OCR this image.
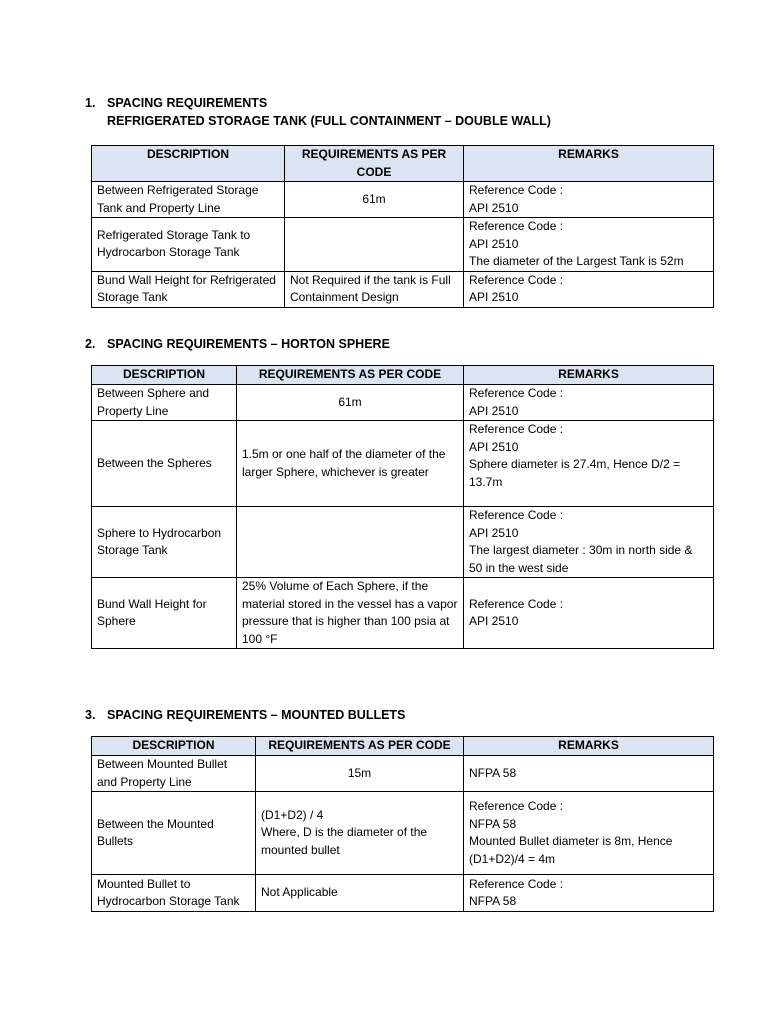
1. SPACING REQUIREMENTS
REFRIGERATED STORAGE TANK (FULL CONTAINMENT – DOUBLE WALL)
DESCRIPTION	REQUIREMENTS AS PER CODE	REMARKS
Between Refrigerated Storage Tank and Property Line	61m	Reference Code :
API 2510

Refrigerated Storage Tank to Hydrocarbon Storage Tank		Reference Code :
API 2510
The diameter of the Largest Tank is 52m

Bund Wall Height for Refrigerated Storage Tank	Not Required if the tank is Full Containment Design	Reference Code :
API 2510
2. SPACING REQUIREMENTS – HORTON SPHERE
DESCRIPTION	REQUIREMENTS AS PER CODE	REMARKS
Between Sphere and Property Line	61m	Reference Code :
API 2510

Between the Spheres	1.5m or one half of the diameter of the larger Sphere, whichever is greater	Reference Code :
API 2510
Sphere diameter is 27.4m, Hence D/2 = 13.7m

Sphere to Hydrocarbon Storage Tank		Reference Code :
API 2510
The largest diameter : 30m in north side & 50 in the west side

Bund Wall Height for Sphere	25% Volume of Each Sphere, if the material stored in the vessel has a vapor pressure that is higher than 100 psia at 100 °F	Reference Code :
API 2510
3. SPACING REQUIREMENTS – MOUNTED BULLETS
DESCRIPTION	REQUIREMENTS AS PER CODE	REMARKS
Between Mounted Bullet and Property Line	15m	NFPA 58

Between the Mounted Bullets	(D1+D2) / 4
Where, D is the diameter of the mounted bullet	Reference Code :
NFPA 58
Mounted Bullet diameter is 8m, Hence (D1+D2)/4 = 4m

Mounted Bullet to Hydrocarbon Storage Tank	Not Applicable	Reference Code :
NFPA 58
